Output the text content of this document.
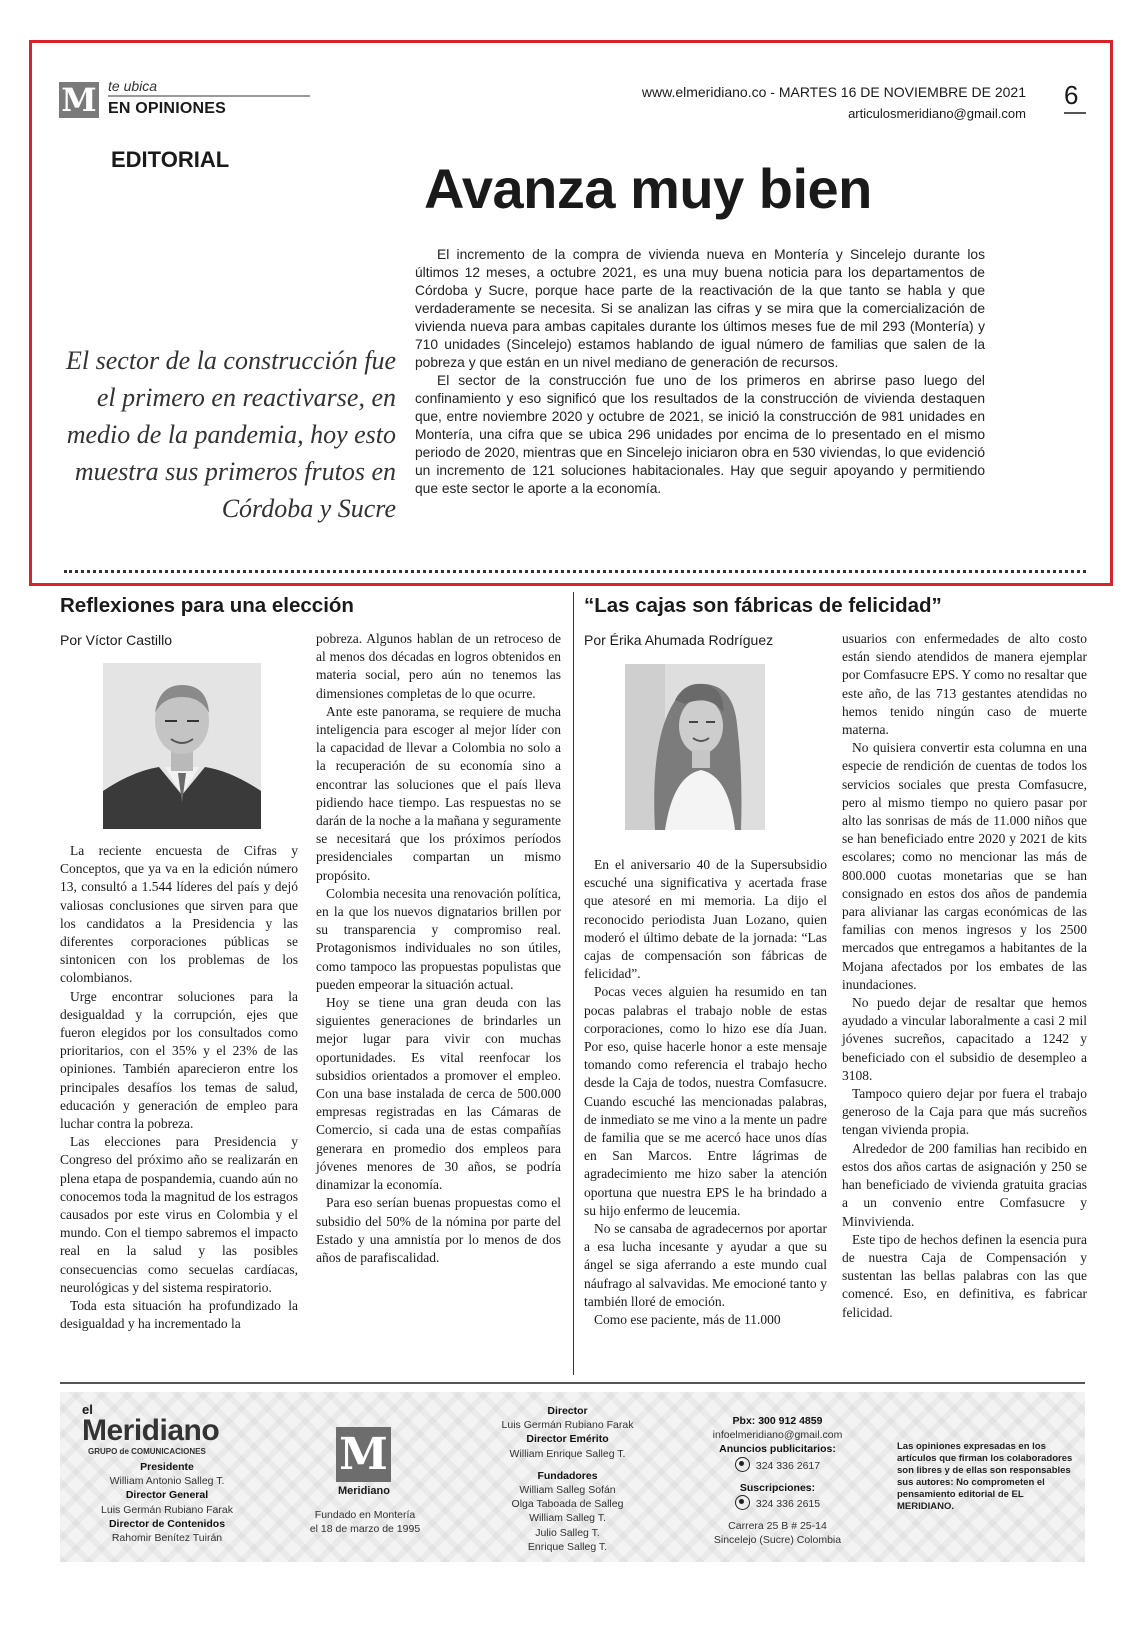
M te ubica
EN OPINIONES
www.elmeridiano.co - MARTES 16 DE NOVIEMBRE DE 2021
articulosmeridiano@gmail.com
6
EDITORIAL	Avanza muy bien
El sector de la construcción fue el primero en reactivarse, en medio de la pandemia, hoy esto muestra sus primeros frutos en Córdoba y Sucre

El incremento de la compra de vivienda nueva en Montería y Sincelejo durante los últimos 12 meses, a octubre 2021, es una muy buena noticia para los departamentos de Córdoba y Sucre, porque hace parte de la reactivación de la que tanto se habla y que verdaderamente se necesita. Si se analizan las cifras y se mira que la comercialización de vivienda nueva para ambas capitales durante los últimos meses fue de mil 293 (Montería) y 710 unidades (Sincelejo) estamos hablando de igual número de familias que salen de la pobreza y que están en un nivel mediano de generación de recursos.

El sector de la construcción fue uno de los primeros en abrirse paso luego del confinamiento y eso significó que los resultados de la construcción de vivienda destaquen que, entre noviembre 2020 y octubre de 2021, se inició la construcción de 981 unidades en Montería, una cifra que se ubica 296 unidades por encima de lo presentado en el mismo periodo de 2020, mientras que en Sincelejo iniciaron obra en 530 viviendas, lo que evidenció un incremento de 121 soluciones habitacionales. Hay que seguir apoyando y permitiendo que este sector le aporte a la economía.

Reflexiones para una elección
Por Víctor Castillo

La reciente encuesta de Cifras y Conceptos, que ya va en la edición número 13, consultó a 1.544 líderes del país y dejó valiosas conclusiones que sirven para que los candidatos a la Presidencia y las diferentes corporaciones públicas se sintonicen con los problemas de los colombianos.

Urge encontrar soluciones para la desigualdad y la corrupción, ejes que fueron elegidos por los consultados como prioritarios, con el 35% y el 23% de las opiniones. También aparecieron entre los principales desafíos los temas de salud, educación y generación de empleo para luchar contra la pobreza.

Las elecciones para Presidencia y Congreso del próximo año se realizarán en plena etapa de pospandemia, cuando aún no conocemos toda la magnitud de los estragos causados por este virus en Colombia y el mundo. Con el tiempo sabremos el impacto real en la salud y las posibles consecuencias como secuelas cardíacas, neurológicas y del sistema respiratorio.

Toda esta situación ha profundizado la desigualdad y ha incrementado la

pobreza. Algunos hablan de un retroceso de al menos dos décadas en logros obtenidos en materia social, pero aún no tenemos las dimensiones completas de lo que ocurre.

Ante este panorama, se requiere de mucha inteligencia para escoger al mejor líder con la capacidad de llevar a Colombia no solo a la recuperación de su economía sino a encontrar las soluciones que el país lleva pidiendo hace tiempo. Las respuestas no se darán de la noche a la mañana y seguramente se necesitará que los próximos períodos presidenciales compartan un mismo propósito.

Colombia necesita una renovación política, en la que los nuevos dignatarios brillen por su transparencia y compromiso real. Protagonismos individuales no son útiles, como tampoco las propuestas populistas que pueden empeorar la situación actual.

Hoy se tiene una gran deuda con las siguientes generaciones de brindarles un mejor lugar para vivir con muchas oportunidades. Es vital reenfocar los subsidios orientados a promover el empleo. Con una base instalada de cerca de 500.000 empresas registradas en las Cámaras de Comercio, si cada una de estas compañías generara en promedio dos empleos para jóvenes menores de 30 años, se podría dinamizar la economía.

Para eso serían buenas propuestas como el subsidio del 50% de la nómina por parte del Estado y una amnistía por lo menos de dos años de parafiscalidad.

“Las cajas son fábricas de felicidad”
Por Érika Ahumada Rodríguez

En el aniversario 40 de la Supersubsidio escuché una significativa y acertada frase que atesoré en mi memoria. La dijo el reconocido periodista Juan Lozano, quien moderó el último debate de la jornada: “Las cajas de compensación son fábricas de felicidad”.

Pocas veces alguien ha resumido en tan pocas palabras el trabajo noble de estas corporaciones, como lo hizo ese día Juan. Por eso, quise hacerle honor a este mensaje tomando como referencia el trabajo hecho desde la Caja de todos, nuestra Comfasucre. Cuando escuché las mencionadas palabras, de inmediato se me vino a la mente un padre de familia que se me acercó hace unos días en San Marcos. Entre lágrimas de agradecimiento me hizo saber la atención oportuna que nuestra EPS le ha brindado a su hijo enfermo de leucemia.

No se cansaba de agradecernos por aportar a esa lucha incesante y ayudar a que su ángel se siga aferrando a este mundo cual náufrago al salvavidas. Me emocioné tanto y también lloré de emoción.

Como ese paciente, más de 11.000

usuarios con enfermedades de alto costo están siendo atendidos de manera ejemplar por Comfasucre EPS. Y como no resaltar que este año, de las 713 gestantes atendidas no hemos tenido ningún caso de muerte materna.

No quisiera convertir esta columna en una especie de rendición de cuentas de todos los servicios sociales que presta Comfasucre, pero al mismo tiempo no quiero pasar por alto las sonrisas de más de 11.000 niños que se han beneficiado entre 2020 y 2021 de kits escolares; como no mencionar las más de 800.000 cuotas monetarias que se han consignado en estos dos años de pandemia para alivianar las cargas económicas de las familias con menos ingresos y los 2500 mercados que entregamos a habitantes de la Mojana afectados por los embates de las inundaciones.

No puedo dejar de resaltar que hemos ayudado a vincular laboralmente a casi 2 mil jóvenes sucreños, capacitado a 1242 y beneficiado con el subsidio de desempleo a 3108.

Tampoco quiero dejar por fuera el trabajo generoso de la Caja para que más sucreños tengan vivienda propia.

Alrededor de 200 familias han recibido en estos dos años cartas de asignación y 250 se han beneficiado de vivienda gratuita gracias a un convenio entre Comfasucre y Minvivienda.

Este tipo de hechos definen la esencia pura de nuestra Caja de Compensación y sustentan las bellas palabras con las que comencé. Eso, en definitiva, es fabricar felicidad.

el
Meridiano
GRUPO de COMUNICACIONES
Presidente
William Antonio Salleg T.
Director General
Luis Germán Rubiano Farak
Director de Contenidos
Rahomir Benítez Tuirán
M
Meridiano
Fundado en Montería
el 18 de marzo de 1995
Director
Luis Germán Rubiano Farak
Director Emérito
William Enrique Salleg T.
Fundadores
William Salleg Sofán
Olga Taboada de Salleg
William Salleg T.
Julio Salleg T.
Enrique Salleg T.
Pbx: 300 912 4859
infoelmeridiano@gmail.com
Anuncios publicitarios:
324 336 2617
Suscripciones:
324 336 2615
Carrera 25 B # 25-14
Sincelejo (Sucre) Colombia
Las opiniones expresadas en los artículos que firman los colaboradores son libres y de ellas son responsables sus autores: No comprometen el pensamiento editorial de EL MERIDIANO.
